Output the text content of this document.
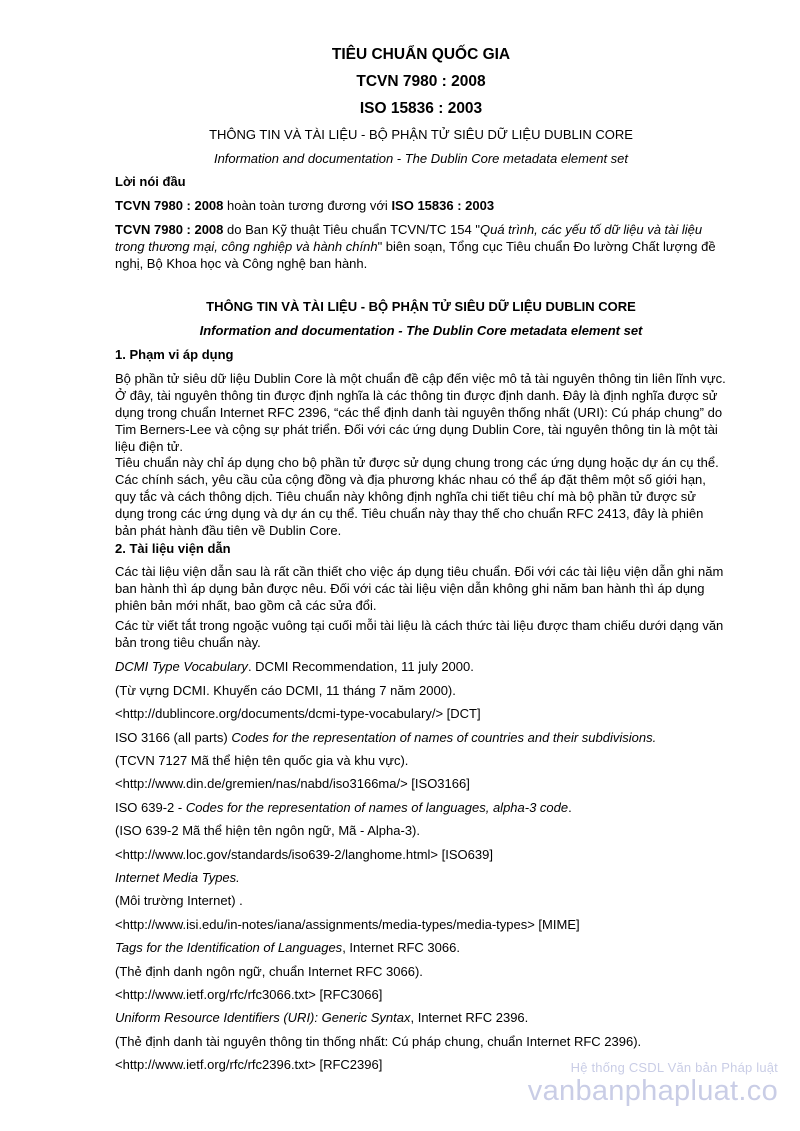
TIÊU CHUẨN QUỐC GIA

TCVN 7980 : 2008

ISO 15836 : 2003

THÔNG TIN VÀ TÀI LIỆU - BỘ PHẬN TỬ SIÊU DỮ LIỆU DUBLIN CORE

Information and documentation - The Dublin Core metadata element set

Lời nói đầu

TCVN 7980 : 2008 hoàn toàn tương đương với ISO 15836 : 2003

TCVN 7980 : 2008 do Ban Kỹ thuật Tiêu chuẩn TCVN/TC 154 "Quá trình, các yếu tố dữ liệu và tài liệu trong thương mại, công nghiệp và hành chính" biên soạn, Tổng cục Tiêu chuẩn Đo lường Chất lượng đề nghị, Bộ Khoa học và Công nghệ ban hành.

THÔNG TIN VÀ TÀI LIỆU - BỘ PHẬN TỬ SIÊU DỮ LIỆU DUBLIN CORE

Information and documentation - The Dublin Core metadata element set

1. Phạm vi áp dụng

Bộ phần tử siêu dữ liệu Dublin Core là một chuẩn đề cập đến việc mô tả tài nguyên thông tin liên lĩnh vực. Ở đây, tài nguyên thông tin được định nghĩa là các thông tin được định danh. Đây là định nghĩa được sử dụng trong chuẩn Internet RFC 2396, “các thể định danh tài nguyên thống nhất (URI): Cú pháp chung” do Tim Berners-Lee và cộng sự phát triển. Đối với các ứng dụng Dublin Core, tài nguyên thông tin là một tài liệu điện tử.

Tiêu chuẩn này chỉ áp dụng cho bộ phần tử được sử dụng chung trong các ứng dụng hoặc dự án cụ thể. Các chính sách, yêu cầu của cộng đồng và địa phương khác nhau có thể áp đặt thêm một số giới hạn, quy tắc và cách thông dịch. Tiêu chuẩn này không định nghĩa chi tiết tiêu chí mà bộ phần tử được sử dụng trong các ứng dụng và dự án cụ thể. Tiêu chuẩn này thay thế cho chuẩn RFC 2413, đây là phiên bản phát hành đầu tiên về Dublin Core.

2. Tài liệu viện dẫn

Các tài liệu viện dẫn sau là rất cần thiết cho việc áp dụng tiêu chuẩn. Đối với các tài liệu viện dẫn ghi năm ban hành thì áp dụng bản được nêu. Đối với các tài liệu viện dẫn không ghi năm ban hành thì áp dụng phiên bản mới nhất, bao gồm cả các sửa đổi.

Các từ viết tắt trong ngoặc vuông tại cuối mỗi tài liệu là cách thức tài liệu được tham chiếu dưới dạng văn bản trong tiêu chuẩn này.

DCMI Type Vocabulary. DCMI Recommendation, 11 july 2000.

(Từ vựng DCMI. Khuyến cáo DCMI, 11 tháng 7 năm 2000).

<http://dublincore.org/documents/dcmi-type-vocabulary/> [DCT]

ISO 3166 (all parts) Codes for the representation of names of countries and their subdivisions.

(TCVN 7127 Mã thể hiện tên quốc gia và khu vực).

<http://www.din.de/gremien/nas/nabd/iso3166ma/> [ISO3166]

ISO 639-2 - Codes for the representation of names of languages, alpha-3 code.

(ISO 639-2 Mã thể hiện tên ngôn ngữ, Mã - Alpha-3).

<http://www.loc.gov/standards/iso639-2/langhome.html> [ISO639]

Internet Media Types.

(Môi trường Internet) .

<http://www.isi.edu/in-notes/iana/assignments/media-types/media-types> [MIME]

Tags for the Identification of Languages, Internet RFC 3066.

(Thẻ định danh ngôn ngữ, chuẩn Internet RFC 3066).

<http://www.ietf.org/rfc/rfc3066.txt> [RFC3066]

Uniform Resource Identifiers (URI): Generic Syntax, Internet RFC 2396.

(Thẻ định danh tài nguyên thông tin thống nhất: Cú pháp chung, chuẩn Internet RFC 2396).

<http://www.ietf.org/rfc/rfc2396.txt> [RFC2396]	Hệ thống CSDL Văn bản Pháp luật
vanbanphapluat.co
